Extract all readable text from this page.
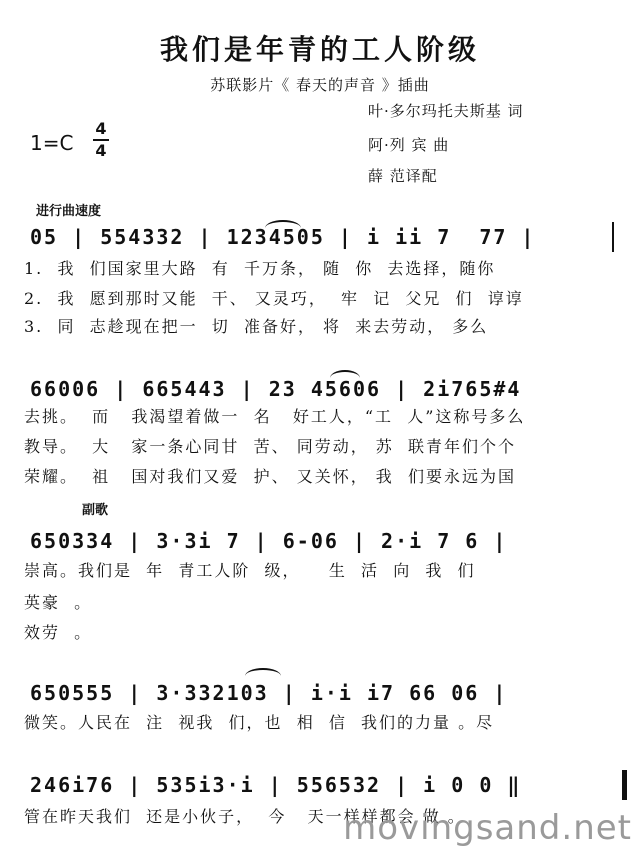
我们是年青的工人阶级
苏联影片《 春天的声音 》插曲
叶·多尔玛托夫斯基 词
阿·列 宾 曲
薛 范译配
1=C
4
4
进行曲速度
05 | 554332 | 1234505 | i ii 7  77 |
1.  我  们国家里大路  有  千万条， 随  你  去选择，随你
2.  我  愿到那时又能  干、 又灵巧，  牢  记  父兄  们  谆谆
3.  同  志趁现在把一  切  准备好， 将  来去劳动， 多么
66006 | 665443 | 23 45606 | 2i765#4
去挑。  而   我渴望着做一  名   好工人，“工  人”这称号多么
教导。  大   家一条心同甘  苦、 同劳动， 苏  联青年们个个
荣耀。  祖   国对我们又爱  护、 又关怀， 我  们要永远为国
副歌
650334 | 3·3i 7 | 6-06 | 2·i 7 6 |
崇高。我们是  年  青工人阶  级，    生  活  向  我  们
英豪  。
效劳  。
650555 | 3·332103 | i·i i7 66 06 |
微笑。人民在  注  视我  们，也  相  信  我们的力量 。尽
246i76 | 535i3·i | 556532 | i 0 0 ‖
管在昨天我们  还是小伙子，  今   天一样样都会 做 。
movingsand.net
